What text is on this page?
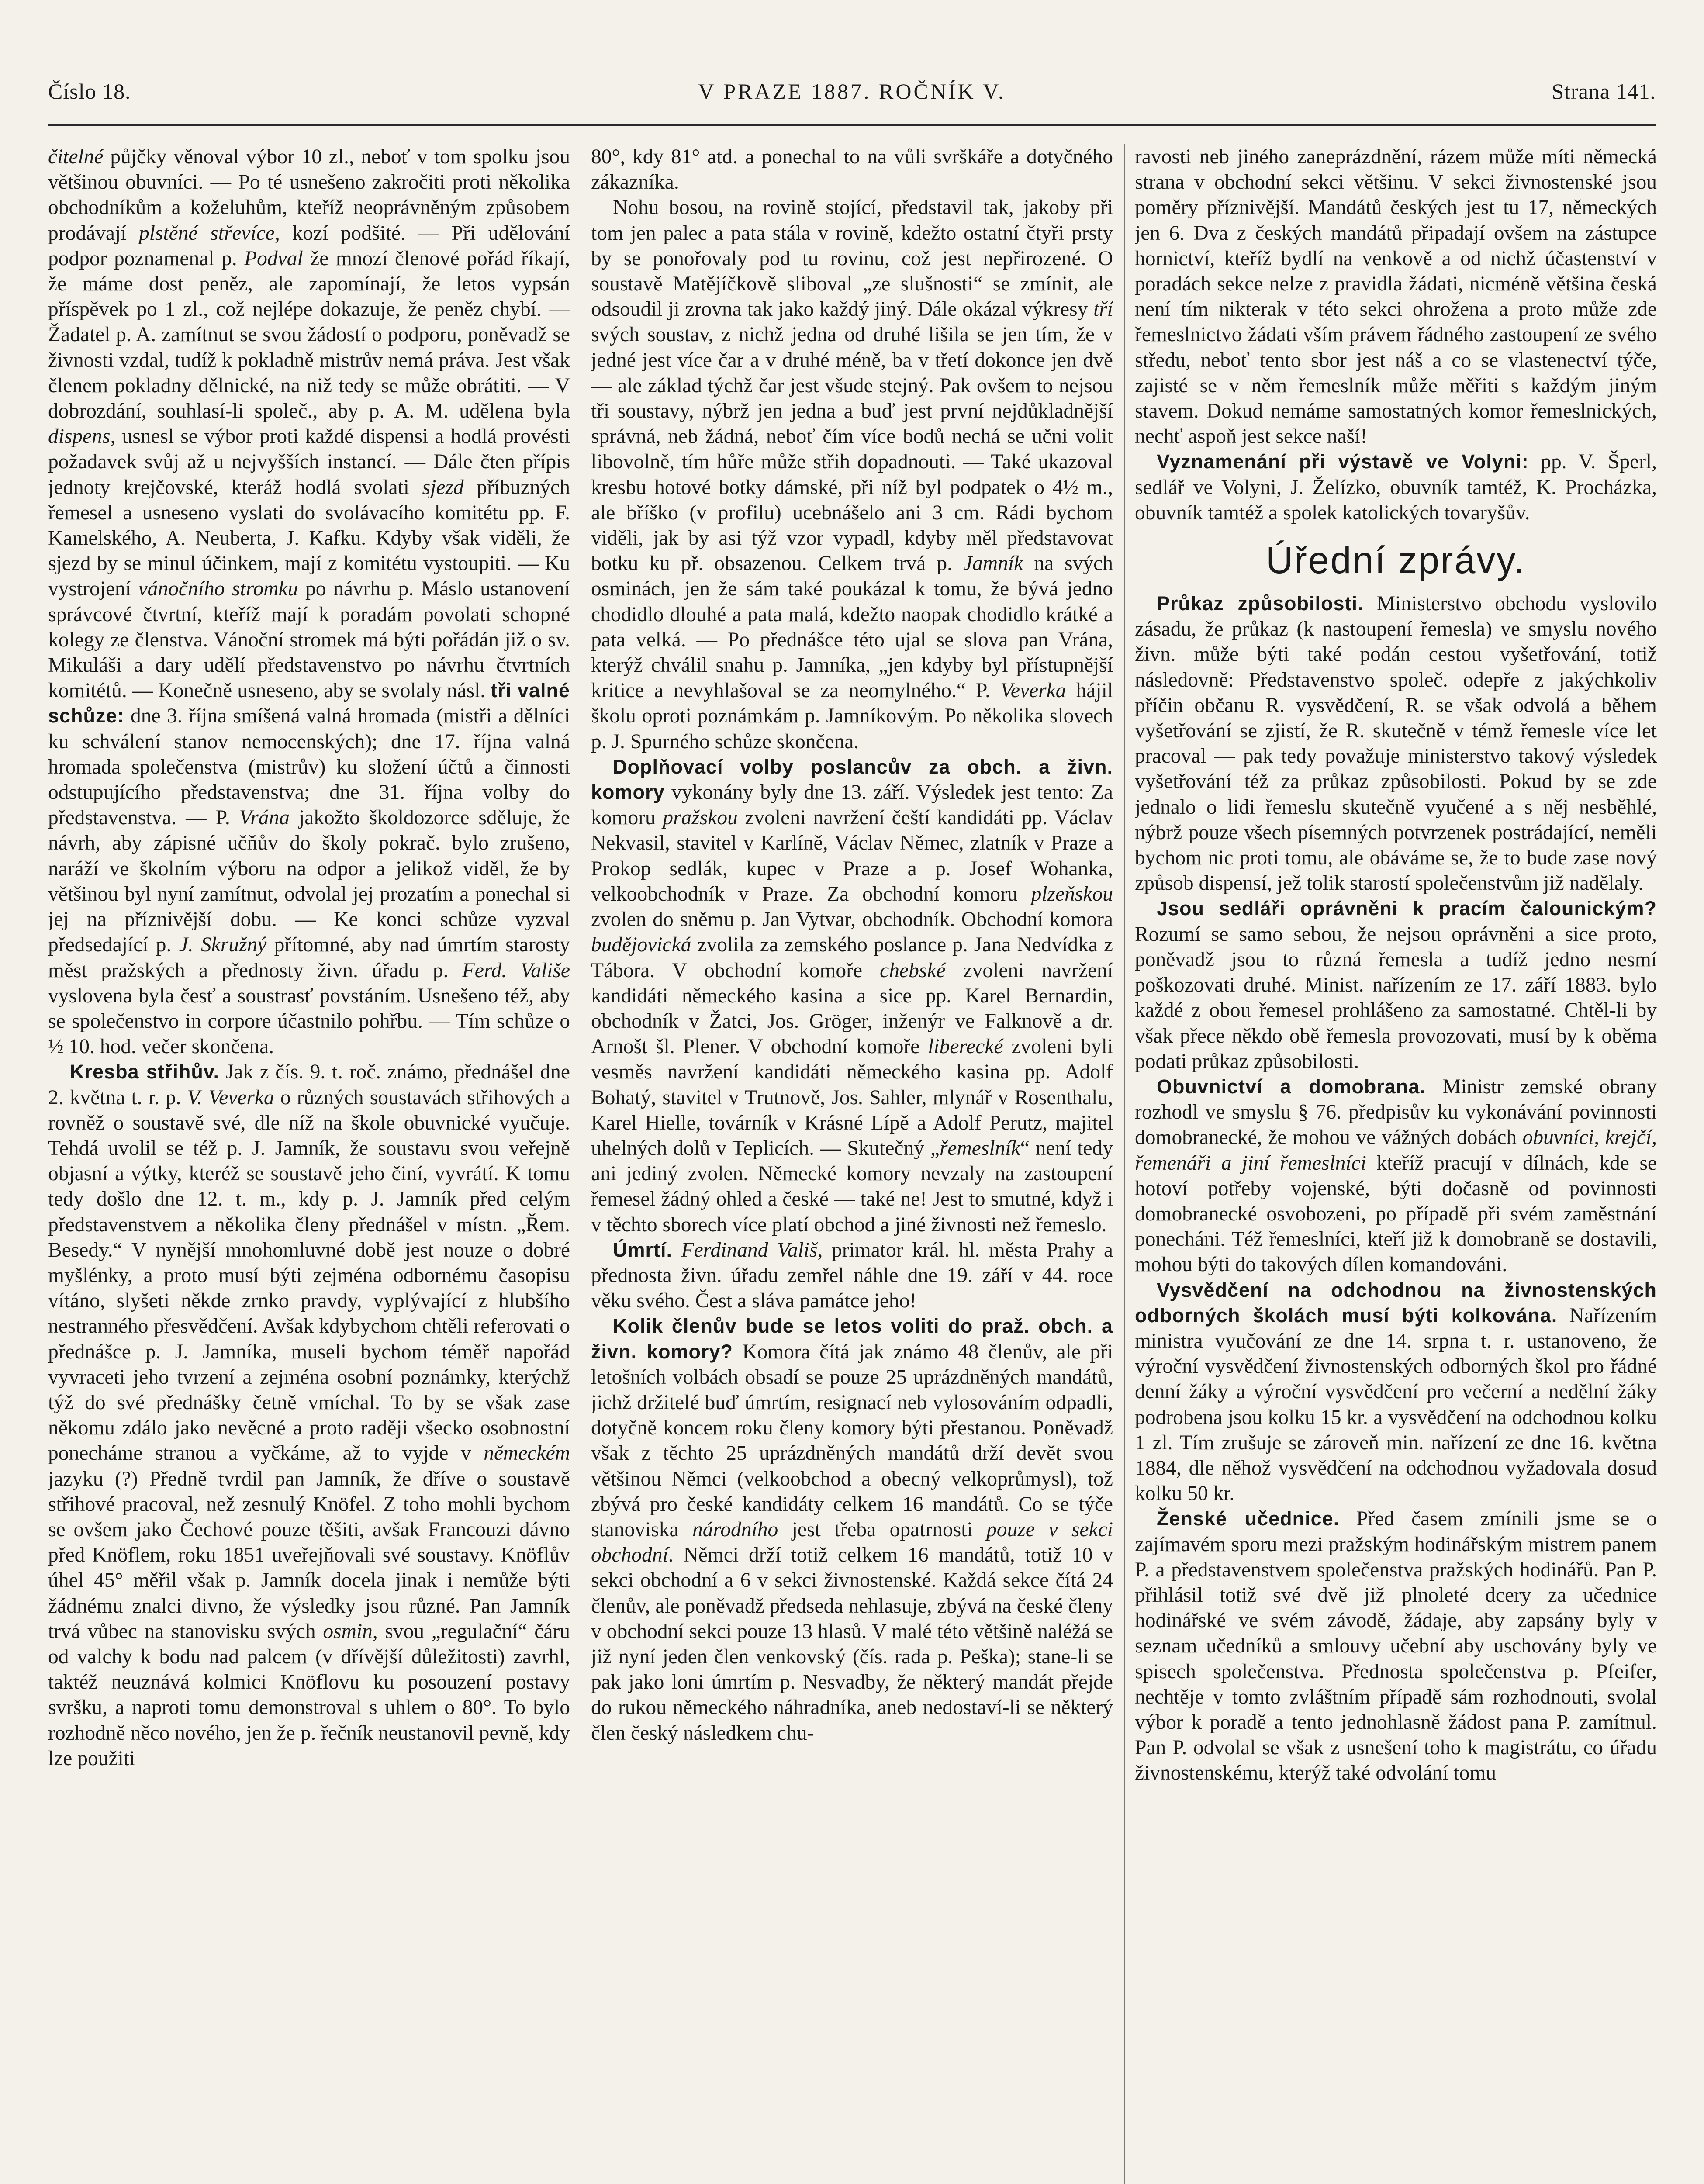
Číslo 18.	V PRAZE 1887. ROČNÍK V.	Strana 141.

čitelné půjčky věnoval výbor 10 zl., neboť v tom spolku jsou většinou obuvníci. — Po té usnešeno zakročiti proti několika obchodníkům a koželuhům, kteříž neoprávněným způsobem prodávají plstěné střevíce, kozí podšité. — Při udělování podpor poznamenal p. Podval že mnozí členové pořád říkají, že máme dost peněz, ale zapomínají, že letos vypsán příspěvek po 1 zl., což nejlépe dokazuje, že peněz chybí. — Žadatel p. A. zamítnut se svou žádostí o podporu, poněvadž se živnosti vzdal, tudíž k pokladně mistrův nemá práva. Jest však členem pokladny dělnické, na niž tedy se může obrátiti. — V dobrozdání, souhlasí-li společ., aby p. A. M. udělena byla dispens, usnesl se výbor proti každé dispensi a hodlá provésti požadavek svůj až u nejvyšších instancí. — Dále čten přípis jednoty krejčovské, kteráž hodlá svolati sjezd příbuzných řemesel a usneseno vyslati do svolávacího komitétu pp. F. Kamelského, A. Neuberta, J. Kafku. Kdyby však viděli, že sjezd by se minul účinkem, mají z komitétu vystoupiti. — Ku vystrojení vánočního stromku po návrhu p. Máslo ustanovení správcové čtvrtní, kteříž mají k poradám povolati schopné kolegy ze členstva. Vánoční stromek má býti pořádán již o sv. Mikuláši a dary udělí představenstvo po návrhu čtvrtních komitétů. — Konečně usneseno, aby se svolaly násl. tři valné schůze: dne 3. října smíšená valná hromada (mistři a dělníci ku schválení stanov nemocenských); dne 17. října valná hromada společenstva (mistrův) ku složení účtů a činnosti odstupujícího představenstva; dne 31. října volby do představenstva. — P. Vrána jakožto školdozorce sděluje, že návrh, aby zápisné učňův do školy pokrač. bylo zrušeno, naráží ve školním výboru na odpor a jelikož viděl, že by většinou byl nyní zamítnut, odvolal jej prozatím a ponechal si jej na příznivější dobu. — Ke konci schůze vyzval předsedající p. J. Skružný přítomné, aby nad úmrtím starosty měst pražských a přednosty živn. úřadu p. Ferd. Vališe vyslovena byla česť a soustrasť povstáním. Usnešeno též, aby se společenstvo in corpore účastnilo pohřbu. — Tím schůze o ½ 10. hod. večer skončena.

Kresba střihův. Jak z čís. 9. t. roč. známo, přednášel dne 2. května t. r. p. V. Veverka o různých soustavách střihových a rovněž o soustavě své, dle níž na škole obuvnické vyučuje. Tehdá uvolil se též p. J. Jamník, že soustavu svou veřejně objasní a výtky, kteréž se soustavě jeho činí, vyvrátí. K tomu tedy došlo dne 12. t. m., kdy p. J. Jamník před celým představenstvem a několika členy přednášel v místn. „Řem. Besedy.“ V nynější mnohomluvné době jest nouze o dobré myšlénky, a proto musí býti zejména odbornému časopisu vítáno, slyšeti někde zrnko pravdy, vyplývající z hlubšího nestranného přesvědčení. Avšak kdybychom chtěli referovati o přednášce p. J. Jamníka, museli bychom téměř napořád vyvraceti jeho tvrzení a zejména osobní poznámky, kterýchž týž do své přednášky četně vmíchal. To by se však zase někomu zdálo jako nevěcné a proto raději všecko osobnostní ponecháme stranou a vyčkáme, až to vyjde v německém jazyku (?) Předně tvrdil pan Jamník, že dříve o soustavě střihové pracoval, než zesnulý Knöfel. Z toho mohli bychom se ovšem jako Čechové pouze těšiti, avšak Francouzi dávno před Knöflem, roku 1851 uveřejňovali své soustavy. Knöflův úhel 45° měřil však p. Jamník docela jinak i nemůže býti žádnému znalci divno, že výsledky jsou různé. Pan Jamník trvá vůbec na stanovisku svých osmin, svou „regulační“ čáru od valchy k bodu nad palcem (v dřívější důležitosti) zavrhl, taktéž neuznává kolmici Knöflovu ku posouzení postavy svršku, a naproti tomu demonstroval s uhlem o 80°. To bylo rozhodně něco nového, jen že p. řečník neustanovil pevně, kdy lze použiti

80°, kdy 81° atd. a ponechal to na vůli svrškáře a dotyčného zákazníka.

Nohu bosou, na rovině stojící, představil tak, jakoby při tom jen palec a pata stála v rovině, kdežto ostatní čtyři prsty by se ponořovaly pod tu rovinu, což jest nepřirozené. O soustavě Matějíčkově sliboval „ze slušnosti“ se zmínit, ale odsoudil ji zrovna tak jako každý jiný. Dále okázal výkresy tří svých soustav, z nichž jedna od druhé lišila se jen tím, že v jedné jest více čar a v druhé méně, ba v třetí dokonce jen dvě — ale základ týchž čar jest všude stejný. Pak ovšem to nejsou tři soustavy, nýbrž jen jedna a buď jest první nejdůkladnější správná, neb žádná, neboť čím více bodů nechá se učni volit libovolně, tím hůře může střih dopadnouti. — Také ukazoval kresbu hotové botky dámské, při níž byl podpatek o 4½ m., ale bříško (v profilu) ucebnášelo ani 3 cm. Rádi bychom viděli, jak by asi týž vzor vypadl, kdyby měl představovat botku ku př. obsazenou. Celkem trvá p. Jamník na svých osminách, jen že sám také poukázal k tomu, že bývá jedno chodidlo dlouhé a pata malá, kdežto naopak chodidlo krátké a pata velká. — Po přednášce této ujal se slova pan Vrána, kterýž chválil snahu p. Jamníka, „jen kdyby byl přístupnější kritice a nevyhlašoval se za neomylného.“ P. Veverka hájil školu oproti poznámkám p. Jamníkovým. Po několika slovech p. J. Spurného schůze skončena.

Doplňovací volby poslancův za obch. a živn. komory vykonány byly dne 13. září. Výsledek jest tento: Za komoru pražskou zvoleni navržení čeští kandidáti pp. Václav Nekvasil, stavitel v Karlíně, Václav Němec, zlatník v Praze a Prokop sedlák, kupec v Praze a p. Josef Wohanka, velkoobchodník v Praze. Za obchodní komoru plzeňskou zvolen do sněmu p. Jan Vytvar, obchodník. Obchodní komora budějovická zvolila za zemského poslance p. Jana Nedvídka z Tábora. V obchodní komoře chebské zvoleni navržení kandidáti německého kasina a sice pp. Karel Bernardin, obchodník v Žatci, Jos. Gröger, inženýr ve Falknově a dr. Arnošt šl. Plener. V obchodní komoře liberecké zvoleni byli vesměs navržení kandidáti německého kasina pp. Adolf Bohatý, stavitel v Trutnově, Jos. Sahler, mlynář v Rosenthalu, Karel Hielle, továrník v Krásné Lípě a Adolf Perutz, majitel uhelných dolů v Teplicích. — Skutečný „řemeslník“ není tedy ani jediný zvolen. Německé komory nevzaly na zastoupení řemesel žádný ohled a české — také ne! Jest to smutné, když i v těchto sborech více platí obchod a jiné živnosti než řemeslo.

Úmrtí. Ferdinand Vališ, primator král. hl. města Prahy a přednosta živn. úřadu zemřel náhle dne 19. září v 44. roce věku svého. Čest a sláva památce jeho!

Kolik členův bude se letos voliti do praž. obch. a živn. komory? Komora čítá jak známo 48 členův, ale při letošních volbách obsadí se pouze 25 uprázdněných mandátů, jichž držitelé buď úmrtím, resignací neb vylosováním odpadli, dotyčně koncem roku členy komory býti přestanou. Poněvadž však z těchto 25 uprázdněných mandátů drží devět svou většinou Němci (velkoobchod a obecný velkoprůmysl), tož zbývá pro české kandidáty celkem 16 mandátů. Co se týče stanoviska národního jest třeba opatrnosti pouze v sekci obchodní. Němci drží totiž celkem 16 mandátů, totiž 10 v sekci obchodní a 6 v sekci živnostenské. Každá sekce čítá 24 členův, ale poněvadž předseda nehlasuje, zbývá na české členy v obchodní sekci pouze 13 hlasů. V malé této většině naléžá se již nyní jeden člen venkovský (čís. rada p. Peška); stane-li se pak jako loni úmrtím p. Nesvadby, že některý mandát přejde do rukou německého náhradníka, aneb nedostaví-li se některý člen český následkem chu-

ravosti neb jiného zaneprázdnění, rázem může míti německá strana v obchodní sekci většinu. V sekci živnostenské jsou poměry příznivější. Mandátů českých jest tu 17, německých jen 6. Dva z českých mandátů připadají ovšem na zástupce hornictví, kteříž bydlí na venkově a od nichž účastenství v poradách sekce nelze z pravidla žádati, nicméně většina česká není tím nikterak v této sekci ohrožena a proto může zde řemeslnictvo žádati vším právem řádného zastoupení ze svého středu, neboť tento sbor jest náš a co se vlastenectví týče, zajisté se v něm řemeslník může měřiti s každým jiným stavem. Dokud nemáme samostatných komor řemeslnických, nechť aspoň jest sekce naší!

Vyznamenání při výstavě ve Volyni: pp. V. Šperl, sedlář ve Volyni, J. Želízko, obuvník tamtéž, K. Procházka, obuvník tamtéž a spolek katolických tovaryšův.

Úřední zprávy.

Průkaz způsobilosti. Ministerstvo obchodu vyslovilo zásadu, že průkaz (k nastoupení řemesla) ve smyslu nového živn. může býti také podán cestou vyšetřování, totiž následovně: Představenstvo společ. odepře z jakýchkoliv příčin občanu R. vysvědčení, R. se však odvolá a během vyšetřování se zjistí, že R. skutečně v témž řemesle více let pracoval — pak tedy považuje ministerstvo takový výsledek vyšetřování též za průkaz způsobilosti. Pokud by se zde jednalo o lidi řemeslu skutečně vyučené a s něj nesběhlé, nýbrž pouze všech písemných potvrzenek postrádající, neměli bychom nic proti tomu, ale obáváme se, že to bude zase nový způsob dispensí, jež tolik starostí společenstvům již nadělaly.

Jsou sedláři oprávněni k pracím čalounickým? Rozumí se samo sebou, že nejsou oprávněni a sice proto, poněvadž jsou to různá řemesla a tudíž jedno nesmí poškozovati druhé. Minist. nařízením ze 17. září 1883. bylo každé z obou řemesel prohlášeno za samostatné. Chtěl-li by však přece někdo obě řemesla provozovati, musí by k oběma podati průkaz způsobilosti.

Obuvnictví a domobrana. Ministr zemské obrany rozhodl ve smyslu § 76. předpisův ku vykonávání povinnosti domobranecké, že mohou ve vážných dobách obuvníci, krejčí, řemenáři a jiní řemeslníci kteříž pracují v dílnách, kde se hotoví potřeby vojenské, býti dočasně od povinnosti domobranecké osvobozeni, po případě při svém zaměstnání ponecháni. Též řemeslníci, kteří již k domobraně se dostavili, mohou býti do takových dílen komandováni.

Vysvědčení na odchodnou na živnostenských odborných školách musí býti kolkována. Nařízením ministra vyučování ze dne 14. srpna t. r. ustanoveno, že výroční vysvědčení živnostenských odborných škol pro řádné denní žáky a výroční vysvědčení pro večerní a nedělní žáky podrobena jsou kolku 15 kr. a vysvědčení na odchodnou kolku 1 zl. Tím zrušuje se zároveň min. nařízení ze dne 16. května 1884, dle něhož vysvědčení na odchodnou vyžadovala dosud kolku 50 kr.

Ženské učednice. Před časem zmínili jsme se o zajímavém sporu mezi pražským hodinářským mistrem panem P. a představenstvem společenstva pražských hodinářů. Pan P. přihlásil totiž své dvě již plnoleté dcery za učednice hodinářské ve svém závodě, žádaje, aby zapsány byly v seznam učedníků a smlouvy učební aby uschovány byly ve spisech společenstva. Přednosta společenstva p. Pfeifer, nechtěje v tomto zvláštním případě sám rozhodnouti, svolal výbor k poradě a tento jednohlasně žádost pana P. zamítnul. Pan P. odvolal se však z usnešení toho k magistrátu, co úřadu živnostenskému, kterýž také odvolání tomu
